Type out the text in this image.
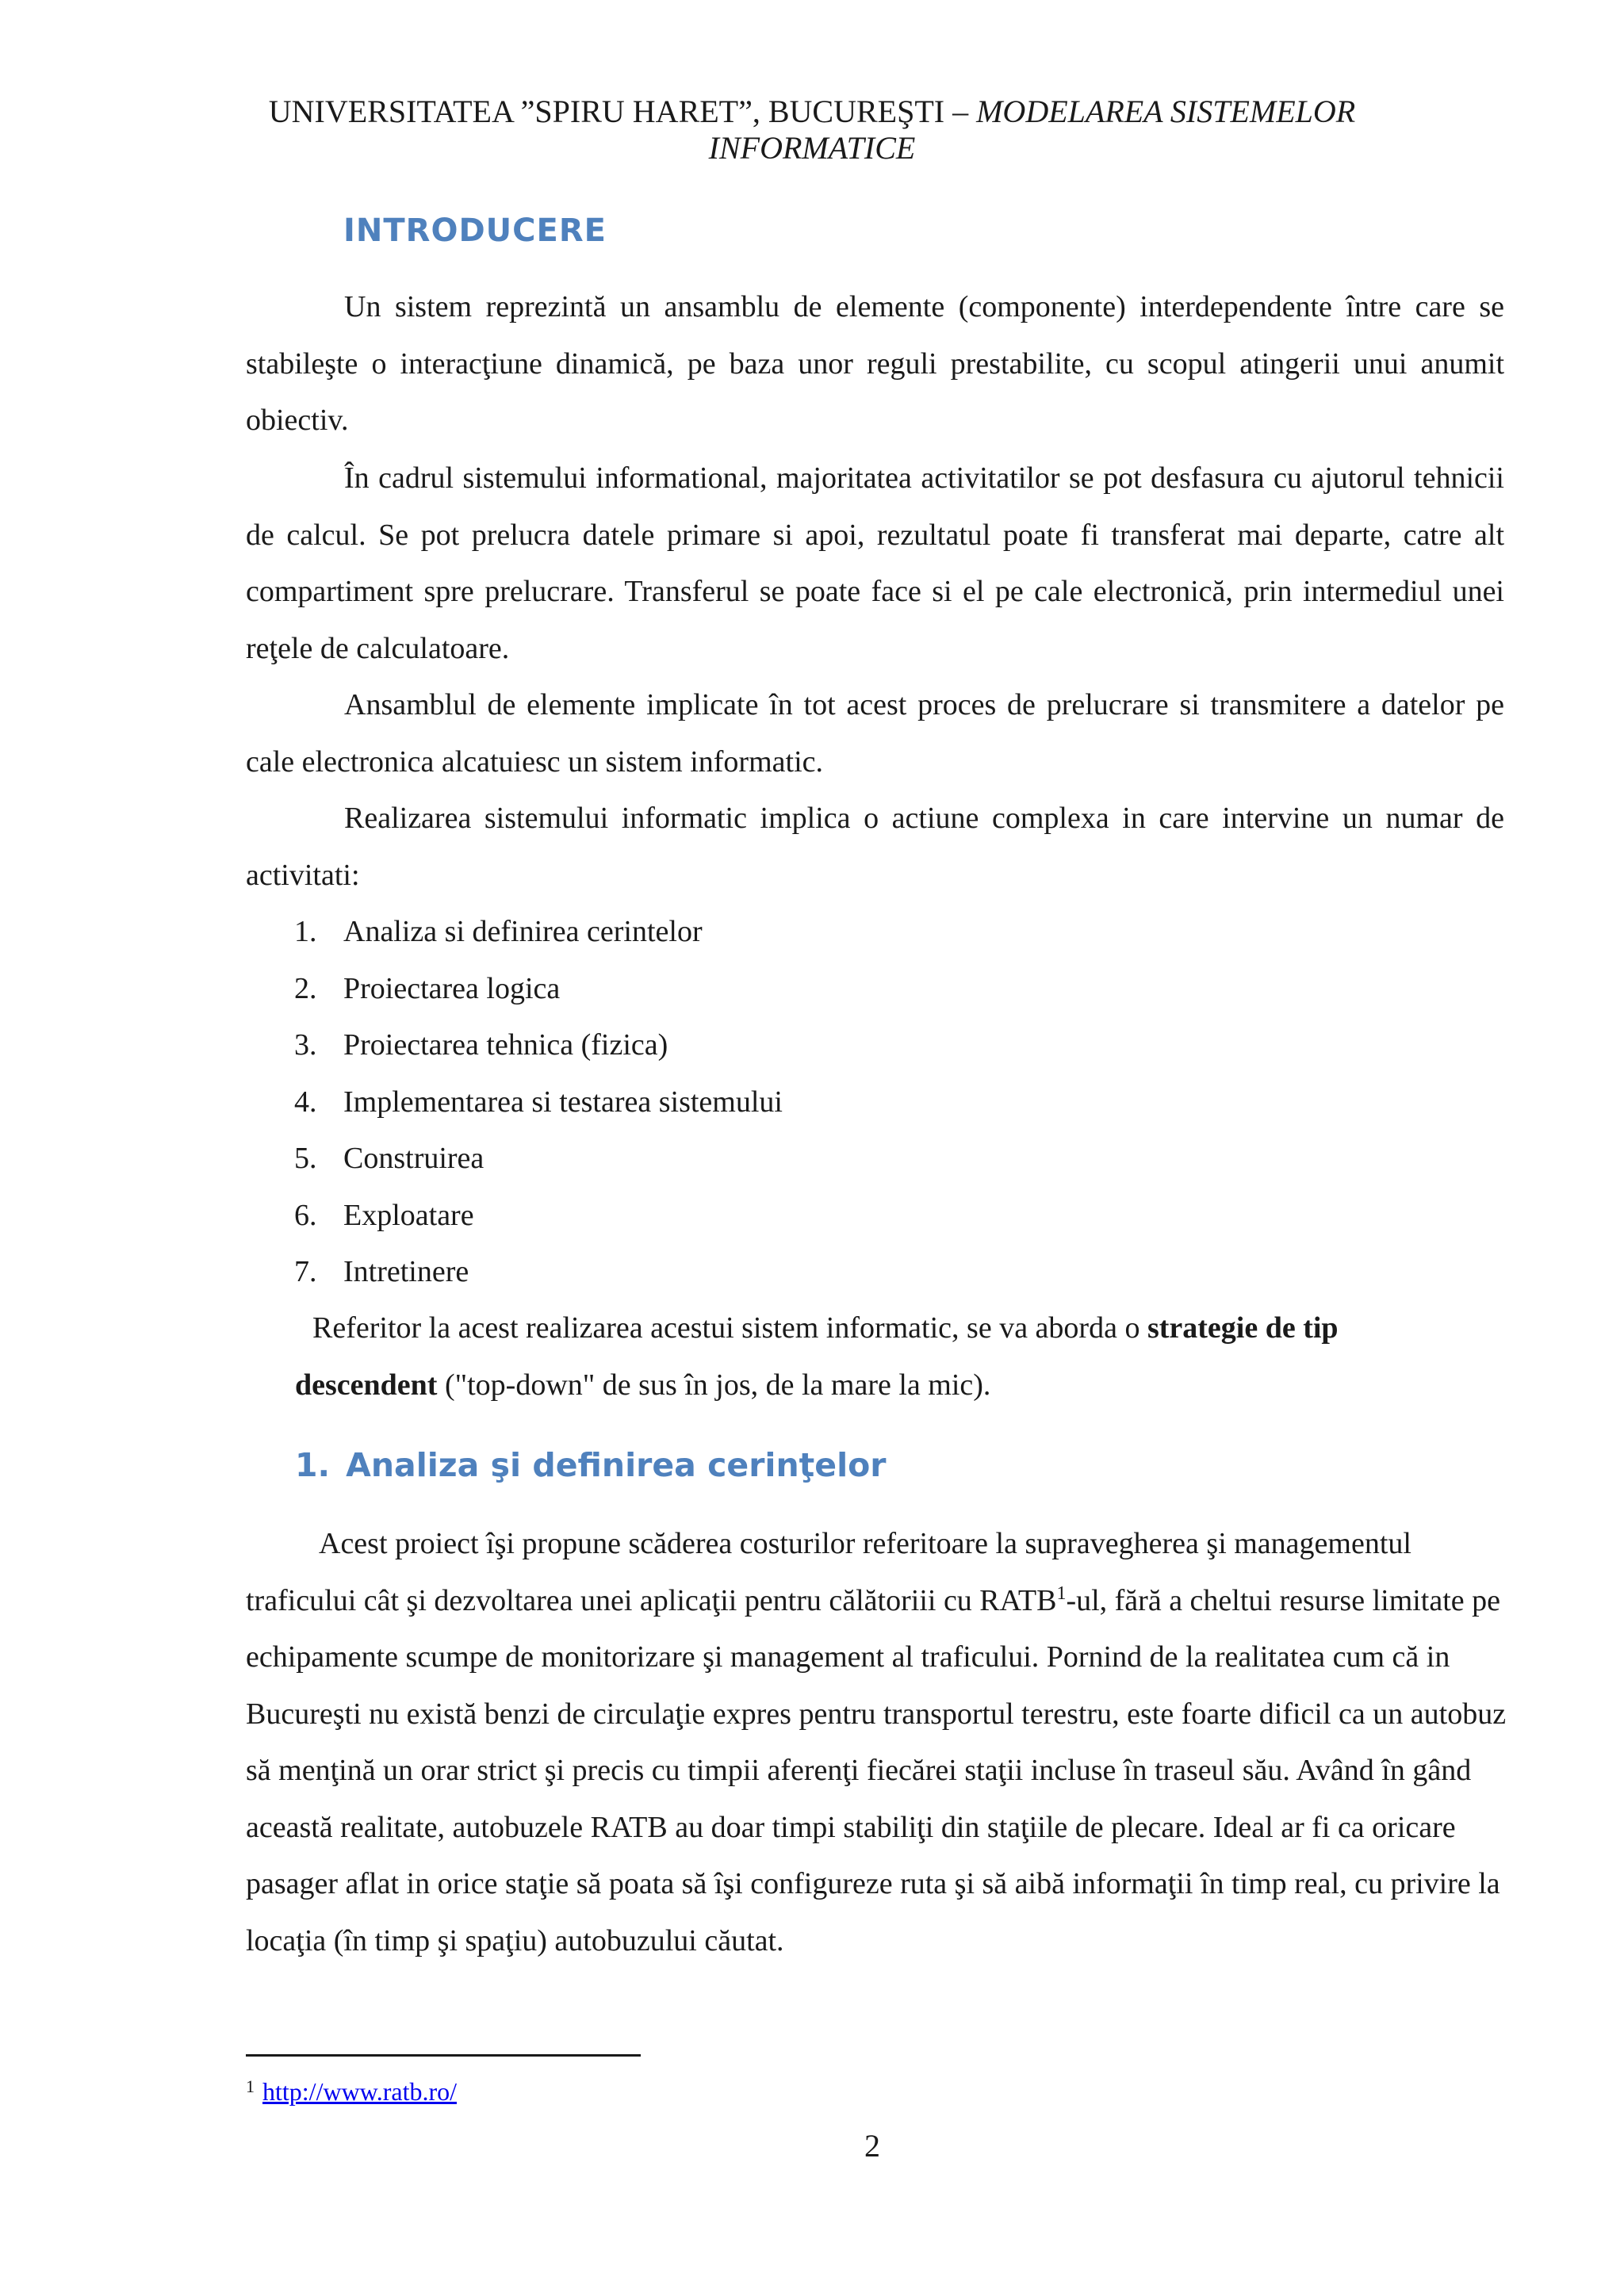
UNIVERSITATEA ”SPIRU HARET”, BUCUREŞTI – MODELAREA SISTEMELOR
INFORMATICE
INTRODUCERE

Un sistem reprezintă un ansamblu de elemente (componente) interdependente între care se stabileşte o interacţiune dinamică, pe baza unor reguli prestabilite, cu scopul atingerii unui anumit obiectiv.

În cadrul sistemului informational, majoritatea activitatilor se pot desfasura cu ajutorul tehnicii de calcul. Se pot prelucra datele primare si apoi, rezultatul poate fi transferat mai departe, catre alt compartiment spre prelucrare. Transferul se poate face si el pe cale electronică, prin intermediul unei reţele de calculatoare.

Ansamblul de elemente implicate în tot acest proces de prelucrare si transmitere a datelor pe cale electronica alcatuiesc un sistem informatic.

Realizarea sistemului informatic implica o actiune complexa in care intervine un numar de activitati:

1. Analiza si definirea cerintelor
2. Proiectarea logica
3. Proiectarea tehnica (fizica)
4. Implementarea si testarea sistemului
5. Construirea
6. Exploatare
7. Intretinere

Referitor la acest realizarea acestui sistem informatic, se va aborda o strategie de tip
descendent ("top-down" de sus în jos, de la mare la mic).

1. Analiza şi definirea cerinţelor

Acest proiect îşi propune scăderea costurilor referitoare la supravegherea şi managementul traficului cât şi dezvoltarea unei aplicaţii pentru călătoriii cu RATB$^1$-ul, fără a cheltui resurse limitate pe echipamente scumpe de monitorizare şi management al traficului. Pornind de la realitatea cum că in Bucureşti nu există benzi de circulaţie expres pentru transportul terestru, este foarte dificil ca un autobuz să menţină un orar strict şi precis cu timpii aferenţi fiecărei staţii incluse în traseul său. Având în gând această realitate, autobuzele RATB au doar timpi stabiliţi din staţiile de plecare. Ideal ar fi ca oricare pasager aflat in orice staţie să poata să îşi configureze ruta şi să aibă informaţii în timp real, cu privire la locaţia (în timp şi spaţiu) autobuzului căutat.

$^1$ http://www.ratb.ro/

2
